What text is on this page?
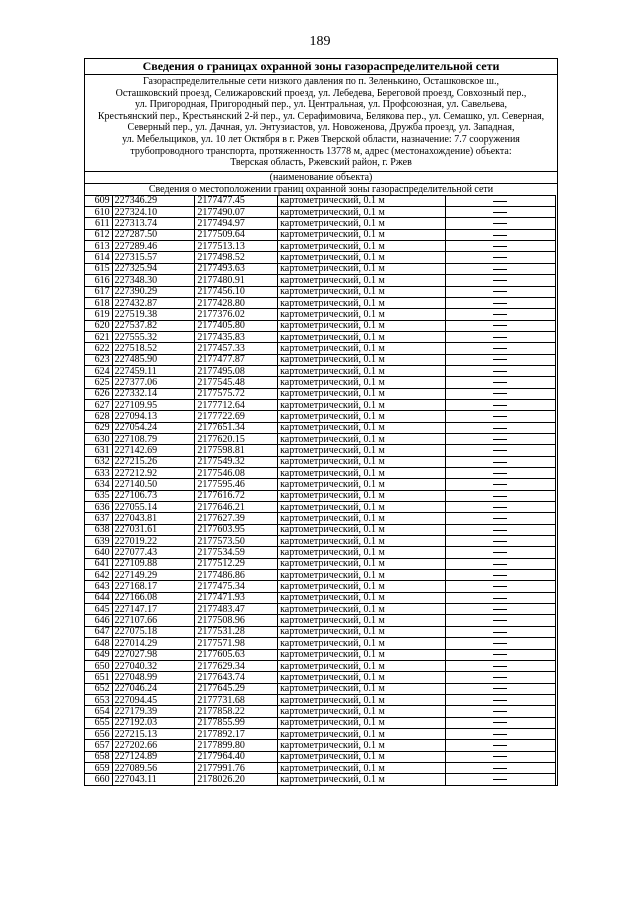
189
Сведения о границах охранной зоны газораспределительной сети
Газораспределительные сети низкого давления по п. Зеленькино, Осташковское ш.,
Осташковский проезд, Селижаровский проезд, ул. Лебедева, Береговой проезд, Совхозный пер.,
ул. Пригородная, Пригородный пер., ул. Центральная, ул. Профсоюзная, ул. Савельева,
Крестьянский пер., Крестьянский 2-й пер., ул. Серафимовича, Белякова пер., ул. Семашко, ул. Северная,
Северный пер., ул. Дачная, ул. Энтузиастов, ул. Новоженова, Дружба проезд, ул. Западная,
ул. Мебельщиков, ул. 10 лет Октября в г. Ржев Тверской области, назначение: 7.7 сооружения
трубопроводного транспорта, протяженность 13778 м, адрес (местонахождение) объекта:
Тверская область, Ржевский район, г. Ржев
(наименование объекта)
Сведения о местоположении границ охранной зоны газораспределительной сети
609	227346.29	2177477.45	картометрический, 0.1 м	
610	227324.10	2177490.07	картометрический, 0.1 м	
611	227313.74	2177494.97	картометрический, 0.1 м	
612	227287.50	2177509.64	картометрический, 0.1 м	
613	227289.46	2177513.13	картометрический, 0.1 м	
614	227315.57	2177498.52	картометрический, 0.1 м	
615	227325.94	2177493.63	картометрический, 0.1 м	
616	227348.30	2177480.91	картометрический, 0.1 м	
617	227390.29	2177456.10	картометрический, 0.1 м	
618	227432.87	2177428.80	картометрический, 0.1 м	
619	227519.38	2177376.02	картометрический, 0.1 м	
620	227537.82	2177405.80	картометрический, 0.1 м	
621	227555.32	2177435.83	картометрический, 0.1 м	
622	227518.52	2177457.33	картометрический, 0.1 м	
623	227485.90	2177477.87	картометрический, 0.1 м	
624	227459.11	2177495.08	картометрический, 0.1 м	
625	227377.06	2177545.48	картометрический, 0.1 м	
626	227332.14	2177575.72	картометрический, 0.1 м	
627	227109.95	2177712.64	картометрический, 0.1 м	
628	227094.13	2177722.69	картометрический, 0.1 м	
629	227054.24	2177651.34	картометрический, 0.1 м	
630	227108.79	2177620.15	картометрический, 0.1 м	
631	227142.69	2177598.81	картометрический, 0.1 м	
632	227215.26	2177549.32	картометрический, 0.1 м	
633	227212.92	2177546.08	картометрический, 0.1 м	
634	227140.50	2177595.46	картометрический, 0.1 м	
635	227106.73	2177616.72	картометрический, 0.1 м	
636	227055.14	2177646.21	картометрический, 0.1 м	
637	227043.81	2177627.39	картометрический, 0.1 м	
638	227031.61	2177603.95	картометрический, 0.1 м	
639	227019.22	2177573.50	картометрический, 0.1 м	
640	227077.43	2177534.59	картометрический, 0.1 м	
641	227109.88	2177512.29	картометрический, 0.1 м	
642	227149.29	2177486.86	картометрический, 0.1 м	
643	227168.17	2177475.34	картометрический, 0.1 м	
644	227166.08	2177471.93	картометрический, 0.1 м	
645	227147.17	2177483.47	картометрический, 0.1 м	
646	227107.66	2177508.96	картометрический, 0.1 м	
647	227075.18	2177531.28	картометрический, 0.1 м	
648	227014.29	2177571.98	картометрический, 0.1 м	
649	227027.98	2177605.63	картометрический, 0.1 м	
650	227040.32	2177629.34	картометрический, 0.1 м	
651	227048.99	2177643.74	картометрический, 0.1 м	
652	227046.24	2177645.29	картометрический, 0.1 м	
653	227094.45	2177731.68	картометрический, 0.1 м	
654	227179.39	2177858.22	картометрический, 0.1 м	
655	227192.03	2177855.99	картометрический, 0.1 м	
656	227215.13	2177892.17	картометрический, 0.1 м	
657	227202.66	2177899.80	картометрический, 0.1 м	
658	227124.89	2177964.40	картометрический, 0.1 м	
659	227089.56	2177991.76	картометрический, 0.1 м	
660	227043.11	2178026.20	картометрический, 0.1 м	
